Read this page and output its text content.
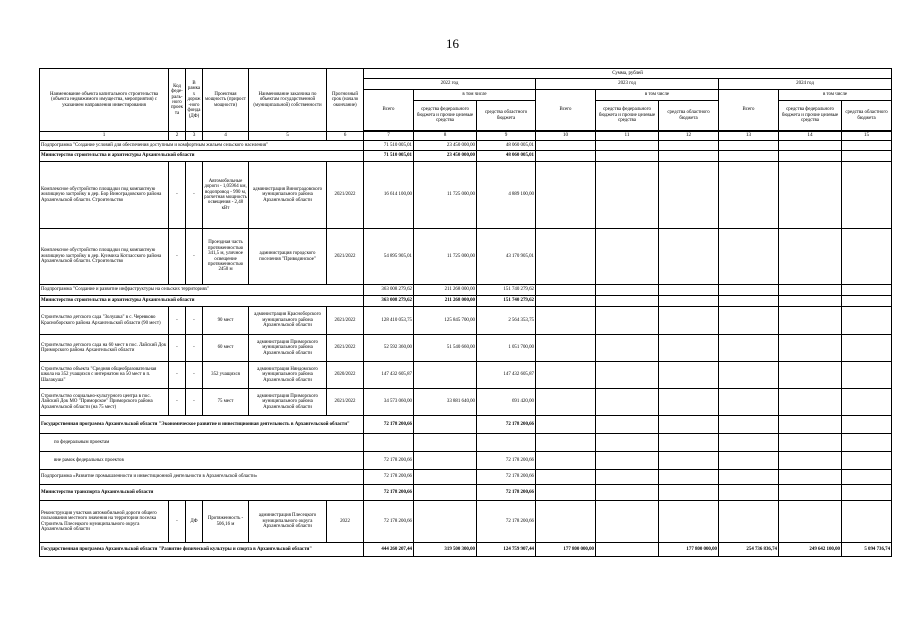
16
Наименование объекта капитального строительства (объекта недвижимого имущества, мероприятия) с указанием направления инвестирования	Код феде-раль-ного проекта	В рамках дорож-ного фонда (ДФ)	Проектная мощность (прирост мощности)	Наименование заказчика по объектам государственной (муниципальной) собственности	Прогнозный срок (начало окончание)	Сумма, рублей								
						2022 год			2023 год			2024 год		
						Всего	в том числе		Всего	в том числе		Всего	в том числе	
							средства федерального бюджета и прочие целевые средства	средства областного бюджета		средства федерального бюджета и прочие целевые средства	средства областного бюджета		средства федерального бюджета и прочие целевые средства	средства областного бюджета

1	2	3	4	5	6	7	8	9	10	11	12	13	14	15
Подпрограмма "Создание условий для обеспечения доступным и комфортным жильем сельского населения"						71 510 005,01	23 450 000,00	48 060 005,01						
Министерство строительства и архитектуры Архангельской области						71 510 005,01	23 450 000,00	48 060 005,01						
Комплексное обустройство площадки под компактную жилищную застройку в дер. Бор Виноградовского района Архангельской области. Строительство	-	-	Автомобильные дороги - 1,05964 км, водопровод - 990 м, расчетная мощность освещения - 2,48 кВт	администрация Виноградовского муниципального района Архангельской области	2021/2022	16 614 100,00	11 725 000,00	4 889 100,00						
Комплексное обустройство площадки под компактную жилищную застройку в дер. Куимиха Котласского района Архангельской области. Строительство	-	-	Проездная часть протяженностью 341,5 м, уличное освещение протяженностью 2450 м	администрация городского поселения "Приводинское"	2021/2022	54 895 905,01	11 725 000,00	43 170 905,01						
Подпрограмма "Создание и развитие инфраструктуры на сельских территориях"						363 008 279,62	211 268 000,00	151 740 279,62						
Министерство строительства и архитектуры Архангельской области						363 008 279,62	211 268 000,00	151 740 279,62						
Строительство детского сада "Золушка" в с. Черевково Красноборского района Архангельской области (90 мест)	-	-	90 мест	администрация Красноборского муниципального района Архангельской области	2021/2022	128 410 053,75	125 845 700,00	2 564 353,75						
Строительство детского сада на 60 мест в пос. Лайский Док Приморского района Архангельской области	-	-	60 мест	администрация Приморского муниципального района Архангельской области	2021/2022	52 592 360,00	51 540 660,00	1 051 700,00						
Строительство объекта "Средняя общеобразовательная школа на 352 учащихся с интернатом на 50 мест в п. Шалакуша"	-	-	352 учащихся	администрация Няндомского муниципального района Архангельской области	2020/2022	147 432 605,87		147 432 605,87						
Строительство социально-культурного центра в пос. Лайский Док МО "Приморское" Приморского района Архангельской области (на 75 мест)	-	-	75 мест	администрация Приморского муниципального района Архангельской области	2021/2022	34 573 060,00	33 881 640,00	691 420,00						
Государственная программа Архангельской области "Экономическое развитие и инвестиционная деятельность в Архангельской области"						72 178 200,66		72 178 200,66						
по федеральным проектам														
вне рамок федеральных проектов						72 178 200,66		72 178 200,66						
Подпрограмма «Развитие промышленности и инвестиционной деятельности в Архангельской области»						72 178 200,66		72 178 200,66						
Министерство транспорта Архангельской области						72 178 200,66		72 178 200,66						
Реконструкция участков автомобильной дороги общего пользования местного значения на территории поселка Строитель Плесецкого муниципального округа Архангельской области	-	ДФ	Протяженность - 506,16 м	администрация Плесецкого муниципального округа Архангельской области	2022	72 178 200,66		72 178 200,66						
Государственная программа Архангельской области "Развитие физической культуры и спорта в Архангельской области"						444 260 207,44	319 500 300,00	124 759 907,44	177 800 000,00		177 800 000,00	254 736 836,74	249 642 100,00	5 094 736,74
